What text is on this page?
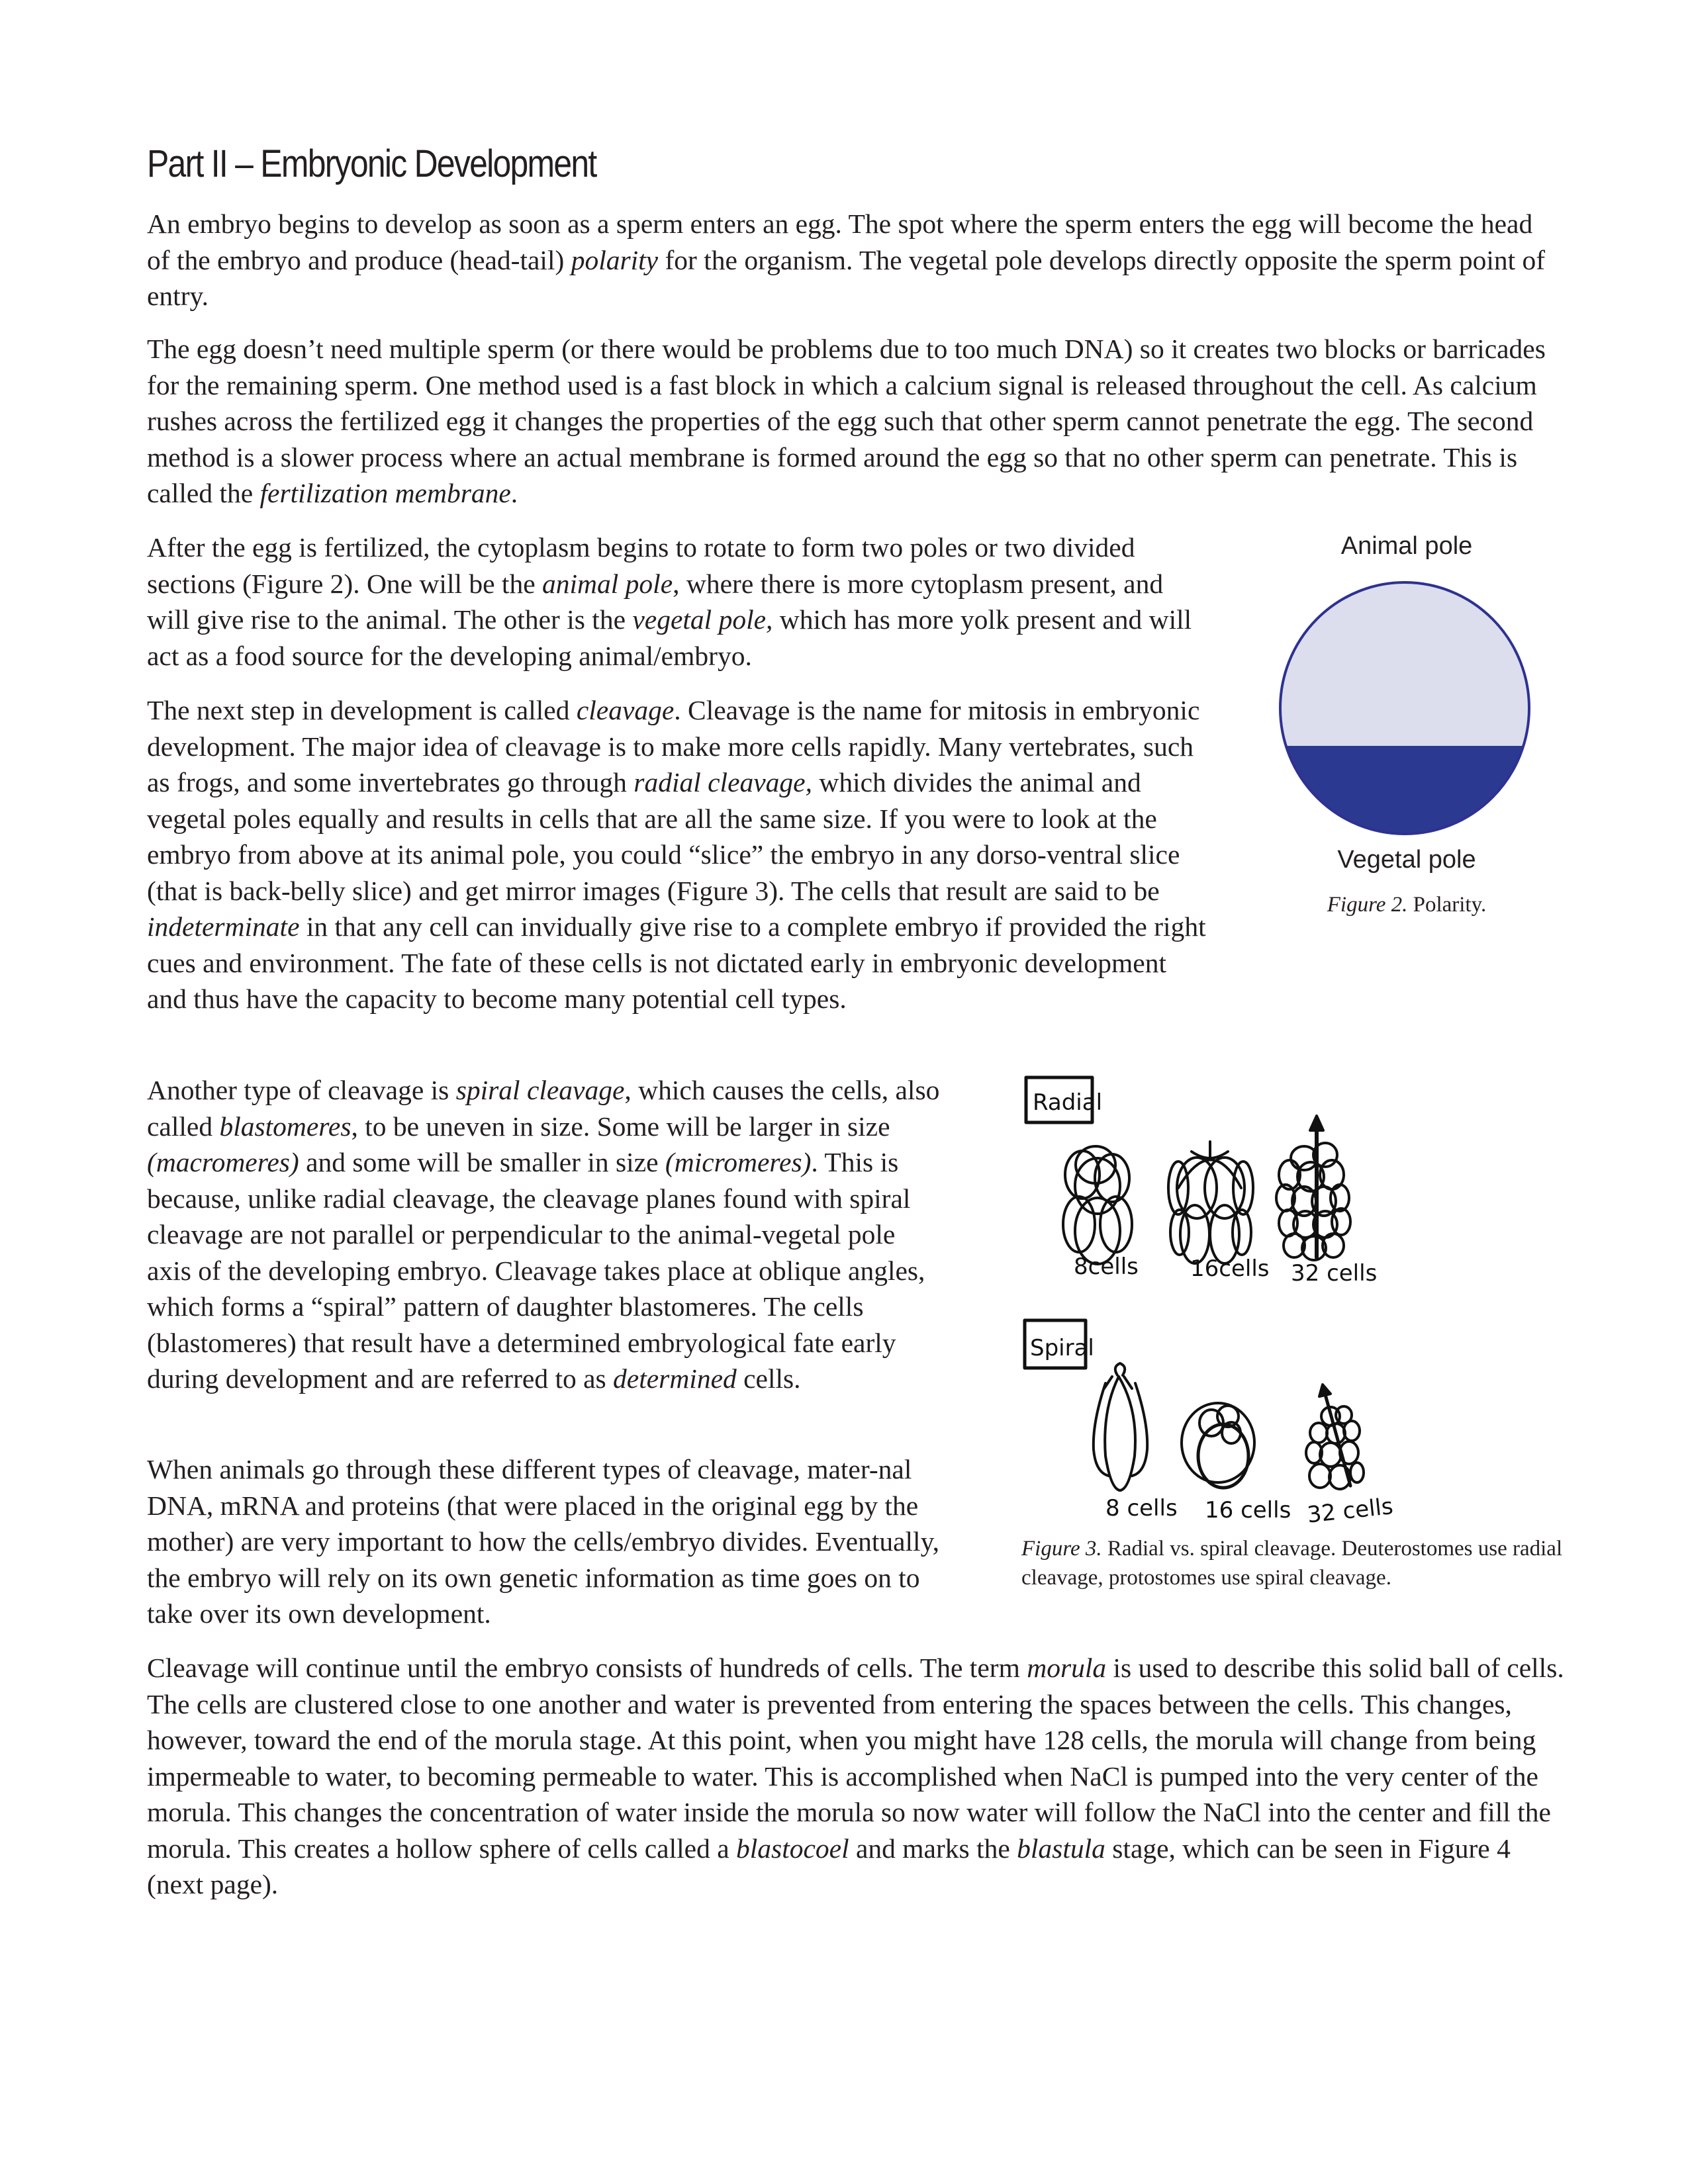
Part II – Embryonic Development

An embryo begins to develop as soon as a sperm enters an egg. The spot where the sperm enters the egg will become the head of the embryo and produce (head-tail) polarity for the organism. The vegetal pole develops directly opposite the sperm point of entry.

The egg doesn’t need multiple sperm (or there would be problems due to too much DNA) so it creates two blocks or barricades for the remaining sperm. One method used is a fast block in which a calcium signal is released throughout the cell. As calcium rushes across the fertilized egg it changes the properties of the egg such that other sperm cannot penetrate the egg. The second method is a slower process where an actual membrane is formed around the egg so that no other sperm can penetrate. This is called the fertilization membrane.

After the egg is fertilized, the cytoplasm begins to rotate to form two poles or two divided sections (Figure 2). One will be the animal pole, where there is more cytoplasm present, and will give rise to the animal. The other is the vegetal pole, which has more yolk present and will act as a food source for the developing animal/embryo.

The next step in development is called cleavage. Cleavage is the name for mitosis in embryonic development. The major idea of cleavage is to make more cells rapidly. Many vertebrates, such as frogs, and some invertebrates go through radial cleavage, which divides the animal and vegetal poles equally and results in cells that are all the same size. If you were to look at the embryo from above at its animal pole, you could “slice” the embryo in any dorso-ventral slice (that is back-belly slice) and get mirror images (Figure 3). The cells that result are said to be indeterminate in that any cell can invidually give rise to a complete embryo if provided the right cues and environment. The fate of these cells is not dictated early in embryonic development and thus have the capacity to become many potential cell types.

Another type of cleavage is spiral cleavage, which causes the cells, also called blastomeres, to be uneven in size. Some will be larger in size (macromeres) and some will be smaller in size (micromeres). This is because, unlike radial cleavage, the cleavage planes found with spiral cleavage are not parallel or perpendicular to the animal-vegetal pole axis of the developing embryo. Cleavage takes place at oblique angles, which forms a “spiral” pattern of daughter blastomeres. The cells (blastomeres) that result have a determined embryological fate early during development and are referred to as determined cells.

When animals go through these different types of cleavage, mater-nal DNA, mRNA and proteins (that were placed in the original egg by the mother) are very important to how the cells/embryo divides. Eventually, the embryo will rely on its own genetic information as time goes on to take over its own development.

Cleavage will continue until the embryo consists of hundreds of cells. The term morula is used to describe this solid ball of cells. The cells are clustered close to one another and water is prevented from entering the spaces between the cells. This changes, however, toward the end of the morula stage. At this point, when you might have 128 cells, the morula will change from being impermeable to water, to becoming permeable to water. This is accomplished when NaCl is pumped into the very center of the morula. This changes the concentration of water inside the morula so now water will follow the NaCl into the center and fill the morula. This creates a hollow sphere of cells called a blastocoel and marks the blastula stage, which can be seen in Figure 4 (next page).

Animal pole
Vegetal pole
Figure 2. Polarity.
Radial
8cells 16cells 32 cells
Spiral
8 cells 16 cells 32 cells
Figure 3. Radial vs. spiral cleavage. Deuterostomes use radial cleavage, protostomes use spiral cleavage.
